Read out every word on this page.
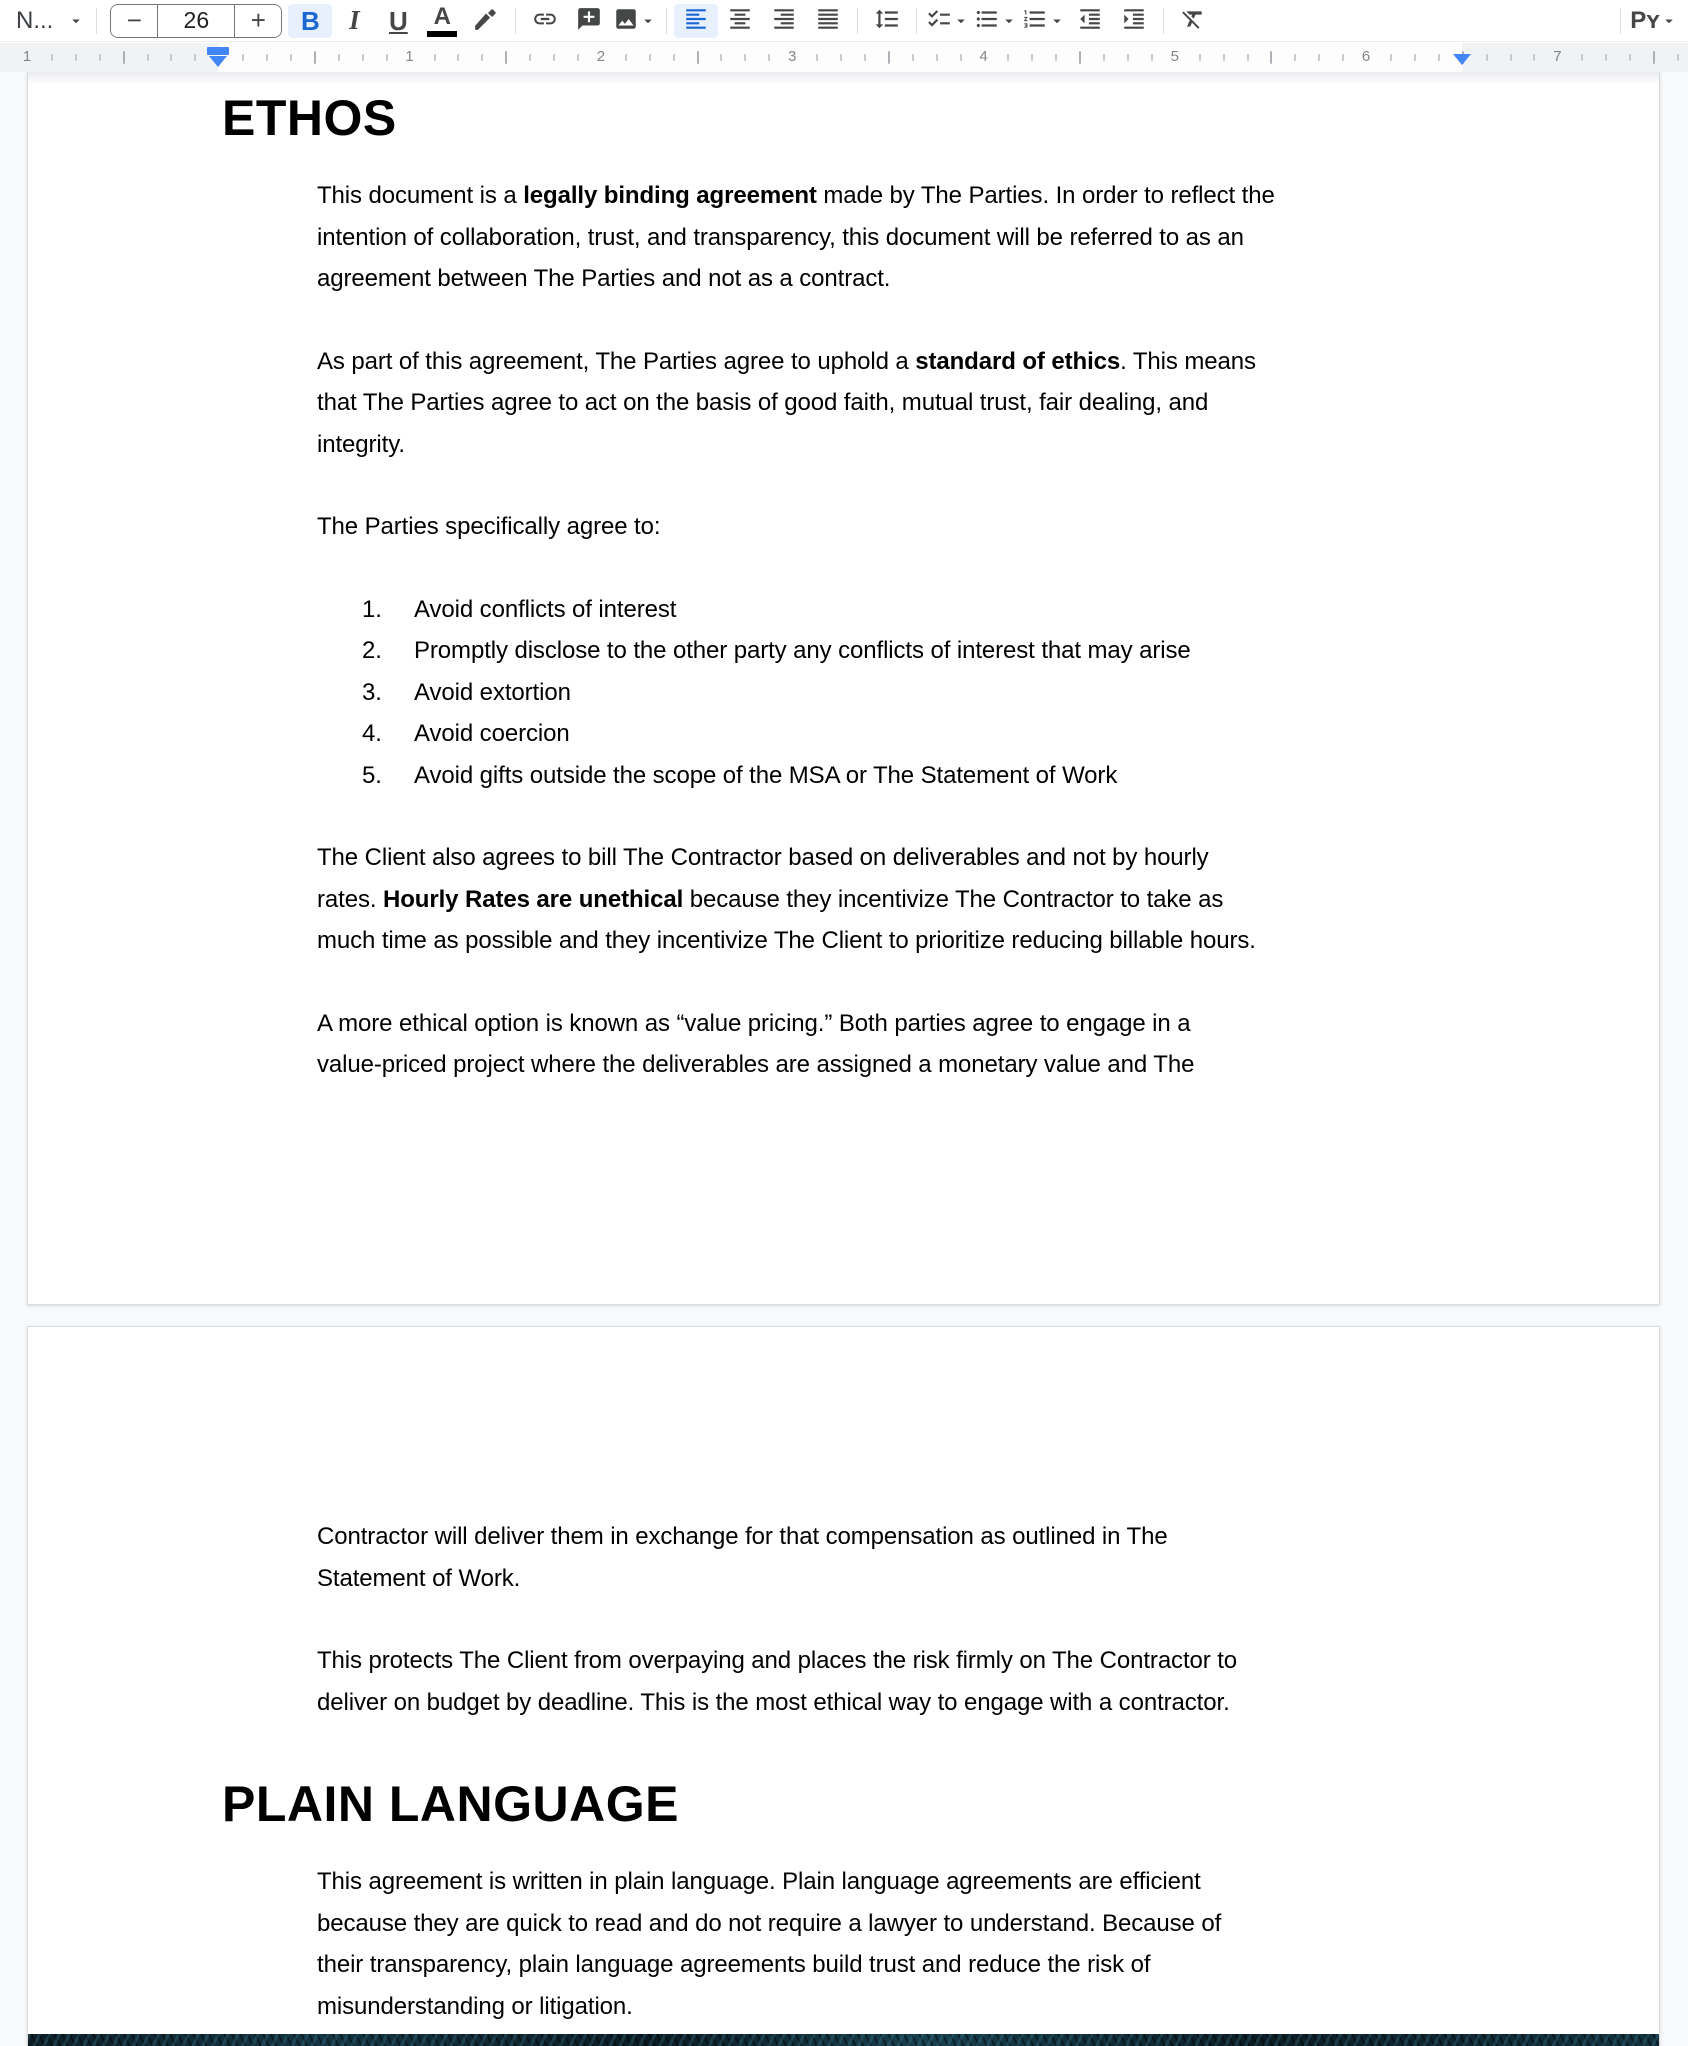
N...	−	26	+	B I U A	Pʏ
1	1	2	3	4	5	6	7
ETHOS
This document is a legally binding agreement made by The Parties. In order to reflect the
intention of collaboration, trust, and transparency, this document will be referred to as an
agreement between The Parties and not as a contract.
As part of this agreement, The Parties agree to uphold a standard of ethics. This means
that The Parties agree to act on the basis of good faith, mutual trust, fair dealing, and
integrity.
The Parties specifically agree to:
1. Avoid conflicts of interest
2. Promptly disclose to the other party any conflicts of interest that may arise
3. Avoid extortion
4. Avoid coercion
5. Avoid gifts outside the scope of the MSA or The Statement of Work
The Client also agrees to bill The Contractor based on deliverables and not by hourly
rates. Hourly Rates are unethical because they incentivize The Contractor to take as
much time as possible and they incentivize The Client to prioritize reducing billable hours.
A more ethical option is known as “value pricing.” Both parties agree to engage in a
value-priced project where the deliverables are assigned a monetary value and The
Contractor will deliver them in exchange for that compensation as outlined in The
Statement of Work.
This protects The Client from overpaying and places the risk firmly on The Contractor to
deliver on budget by deadline. This is the most ethical way to engage with a contractor.
PLAIN LANGUAGE
This agreement is written in plain language. Plain language agreements are efficient
because they are quick to read and do not require a lawyer to understand. Because of
their transparency, plain language agreements build trust and reduce the risk of
misunderstanding or litigation.
